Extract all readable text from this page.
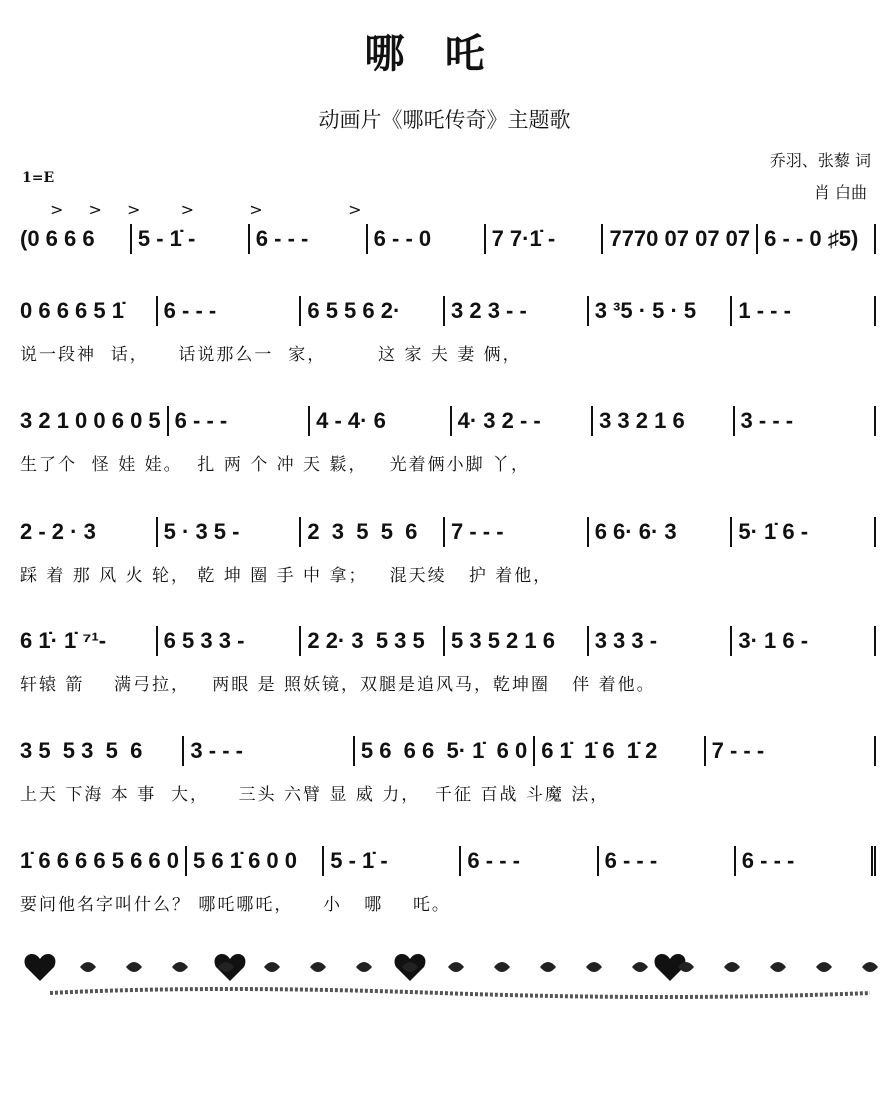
哪吒
动画片《哪吒传奇》主题歌
乔羽、张藜 词
肖 白曲
1=E
> > >  >   >     >
(0 6 6 6	5 - 1̇ -	6 - - -	6 - - 0	7 7·1̇ -	7770 07 07 07 6 - - 0 ♯5)
0 6 6 6 5 1̇	6 - - -	6 5 5 6 2·	3 2 3 - -	3 ³5 · 5 · 5	1 - - -
说一段神  话，    话说那么一  家，       这 家 夫 妻 俩，
3 2 1 0 0 6 0 5 6 - - -	4 - 4· 6	4· 3 2 - -	3 3 2 1 6	3 - - -
生了个  怪 娃 娃。  扎 两 个 冲 天 鬏，   光着俩小脚 丫，
2 - 2 · 3	5 · 3 5 -	2  3  5  5  6	7 - - -	6 6· 6· 3	5· 1̇ 6 -
踩 着 那 风 火 轮， 乾 坤 圈 手 中 拿；   混天绫   护 着他，
6 1̇· 1̇ ⁷¹-	6 5 3 3 -	2 2· 3  5 3 5	5 3 5 2 1 6	3 3 3 -	3· 1 6 -
轩辕 箭    满弓拉，   两眼 是 照妖镜，双腿是追风马，乾坤圈   伴 着他。
3 5  5 3  5  6	3 - - -	5 6  6 6  5· 1̇  6 0 6 1̇  1̇ 6  1̇ 2	7 - - -
上天 下海 本 事  大，    三头 六臂 显 威 力，  千征 百战 斗魔 法，
1̇ 6 6 6 6 5 6 6 0 5 6 1̇ 6 0 0	5 - 1̇ -	6 - - -	6 - - -	6 - - -
要问他名字叫什么？ 哪吒哪吒，    小   哪    吒。
